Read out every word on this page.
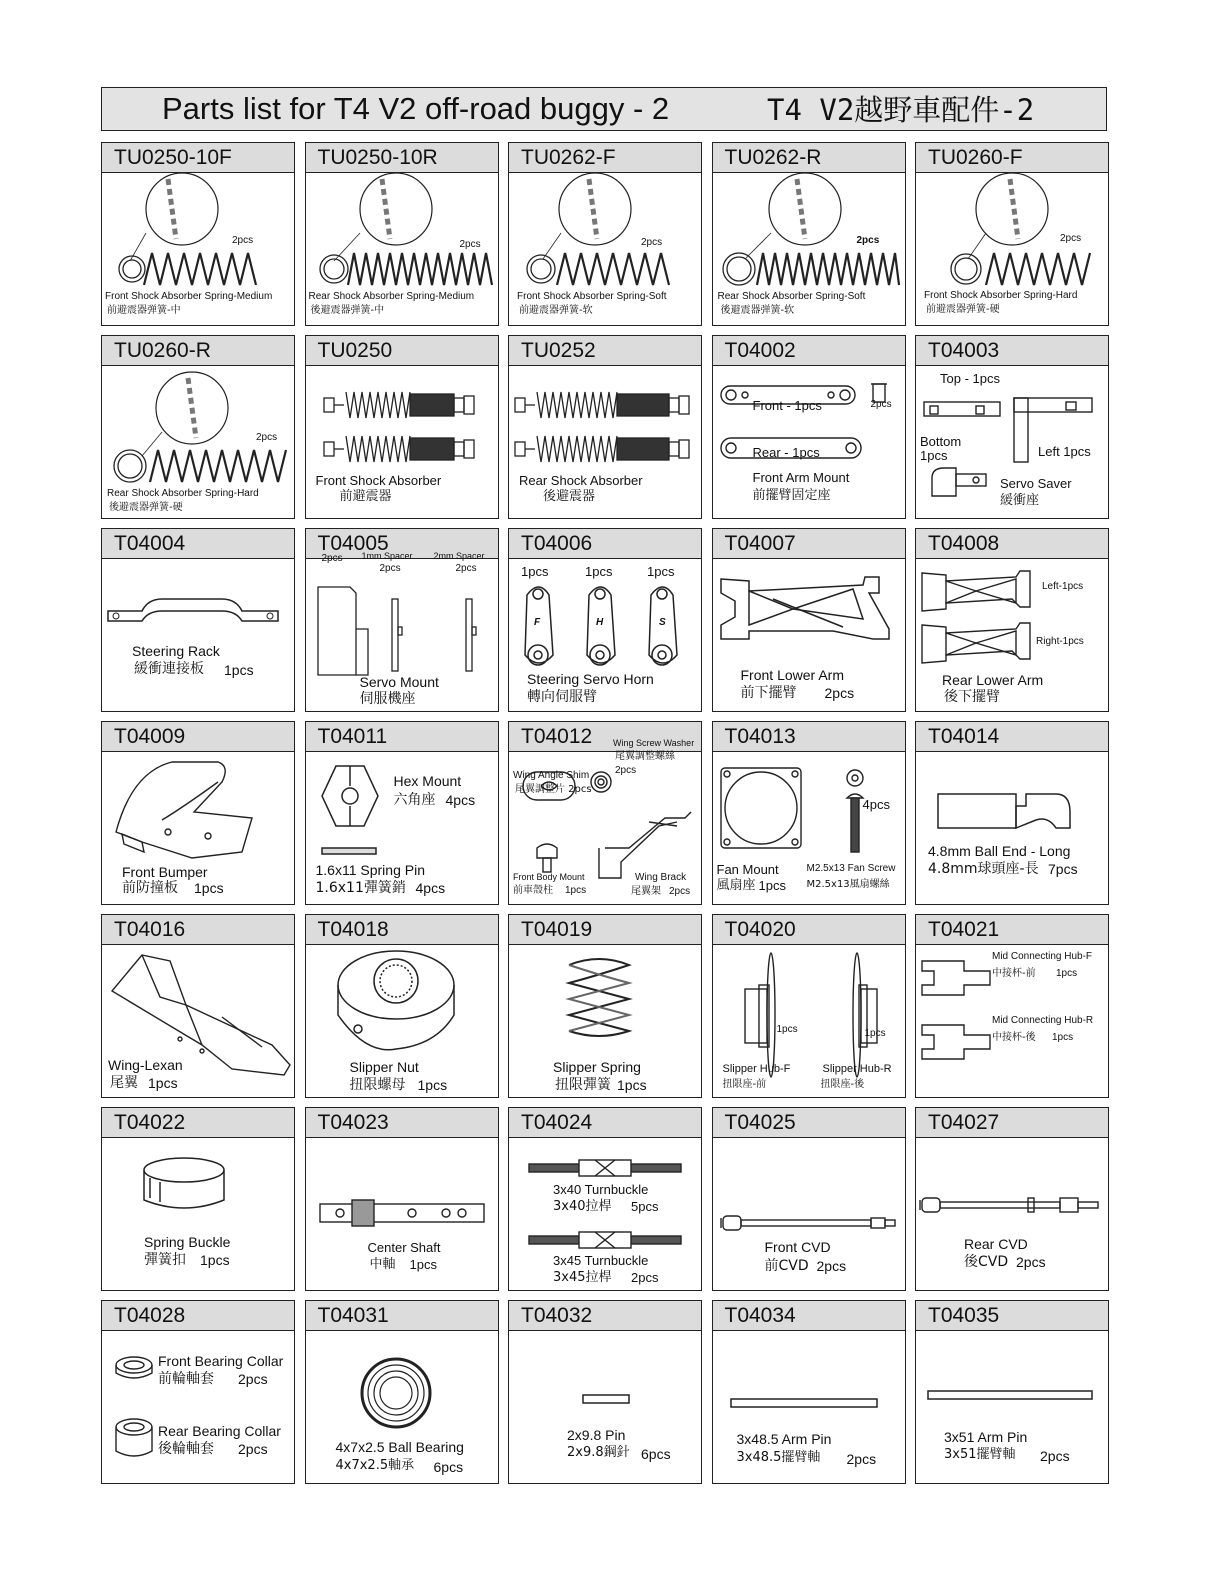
Parts list for T4 V2 off-road buggy - 2	T4 V2越野車配件-2
TU0250-10F
2pcs
Front Shock Absorber Spring-Medium
前避震器弹簧-中
TU0250-10R
2pcs
Rear Shock Absorber Spring-Medium
後避震器弹簧-中
TU0262-F
2pcs
Front Shock Absorber Spring-Soft
前避震器弹簧-软
TU0262-R
2pcs
Rear Shock Absorber Spring-Soft
後避震器弹簧-软
TU0260-F
2pcs
Front Shock Absorber Spring-Hard
前避震器弹簧-硬
TU0260-R
2pcs
Rear Shock Absorber Spring-Hard
後避震器弹簧-硬
TU0250
Front Shock Absorber
前避震器
TU0252
Rear Shock Absorber
後避震器
T04002
Front - 1pcs	2pcs
Rear - 1pcs
Front Arm Mount
前擺臂固定座
T04003
Top - 1pcs
Bottom
1pcs	Left 1pcs
Servo Saver
緩衝座
T04004
Steering Rack
緩衝連接板 1pcs
T04005
2pcs 1mm Spacer
2pcs
2mm Spacer
2pcs
Servo Mount
伺服機座
T04006
F	H	S
1pcs	1pcs	1pcs
Steering Servo Horn
轉向伺服臂
T04007
Front Lower Arm
前下擺臂 2pcs
T04008
Left-1pcs
Right-1pcs
Rear Lower Arm
後下擺臂
T04009
Front Bumper
前防撞板 1pcs
T04011
Hex Mount
六角座 4pcs
1.6x11 Spring Pin
1.6x11彈簧銷 4pcs
T04012 Wing Screw Washer
尾翼調整螺絲
2pcs
Wing Angle Shim
尾翼調整片 2pcs
Front Body Mount
前車殼柱 1pcs
Wing Brack
尾翼架 2pcs
T04013
4pcs
Fan Mount
風扇座 1pcs
M2.5x13 Fan Screw
M2.5x13風扇螺絲
T04014
4.8mm Ball End - Long
4.8mm球頭座-長 7pcs
T04016
Wing-Lexan
尾翼 1pcs
T04018
Slipper Nut
扭限螺母 1pcs
T04019
Slipper Spring
扭限彈簧 1pcs
T04020
1pcs	1pcs
Slipper Hub-F	Slipper Hub-R
扭限座-前	扭限座-後
T04021
Mid Connecting Hub-F
中接杯-前 1pcs
Mid Connecting Hub-R
中接杯-後 1pcs
T04022
Spring Buckle
彈簧扣 1pcs
T04023
Center Shaft
中軸 1pcs
T04024
3x40 Turnbuckle
3x40拉桿 5pcs
3x45 Turnbuckle
3x45拉桿 2pcs
T04025
Front CVD
前CVD 2pcs
T04027
Rear CVD
後CVD 2pcs
T04028
Front Bearing Collar
前輪軸套 2pcs
Rear Bearing Collar
後輪軸套 2pcs
T04031
4x7x2.5 Ball Bearing
4x7x2.5軸承 6pcs
T04032
2x9.8 Pin
2x9.8鋼針 6pcs
T04034
3x48.5 Arm Pin
3x48.5擺臂軸 2pcs
T04035
3x51 Arm Pin
3x51擺臂軸 2pcs
